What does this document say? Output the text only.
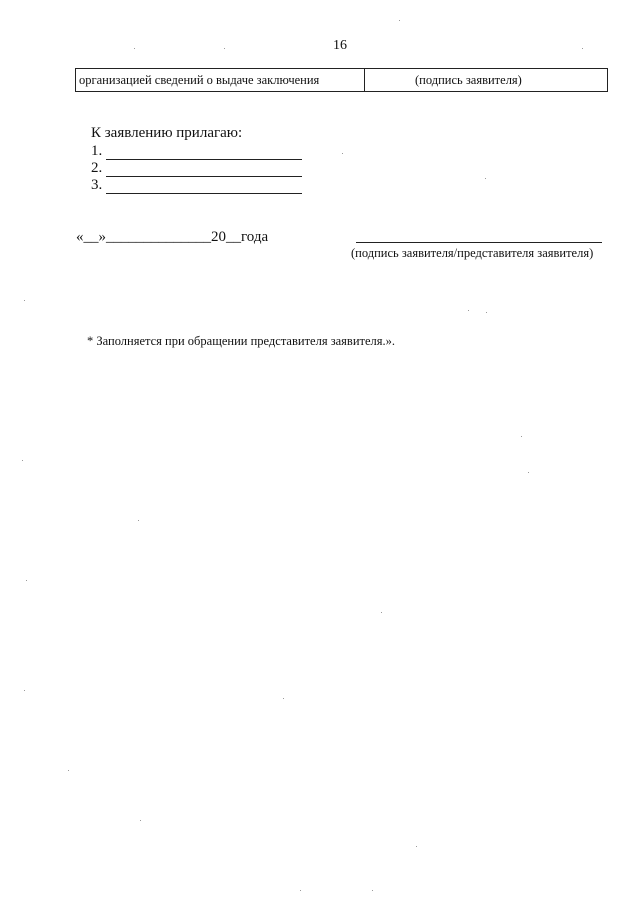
16
организацией сведений о выдаче заключения	(подпись заявителя)
К заявлению прилагаю:
1.
2.
3.
«__»______________20__года
(подпись заявителя/представителя заявителя)
* Заполняется при обращении представителя заявителя.».
